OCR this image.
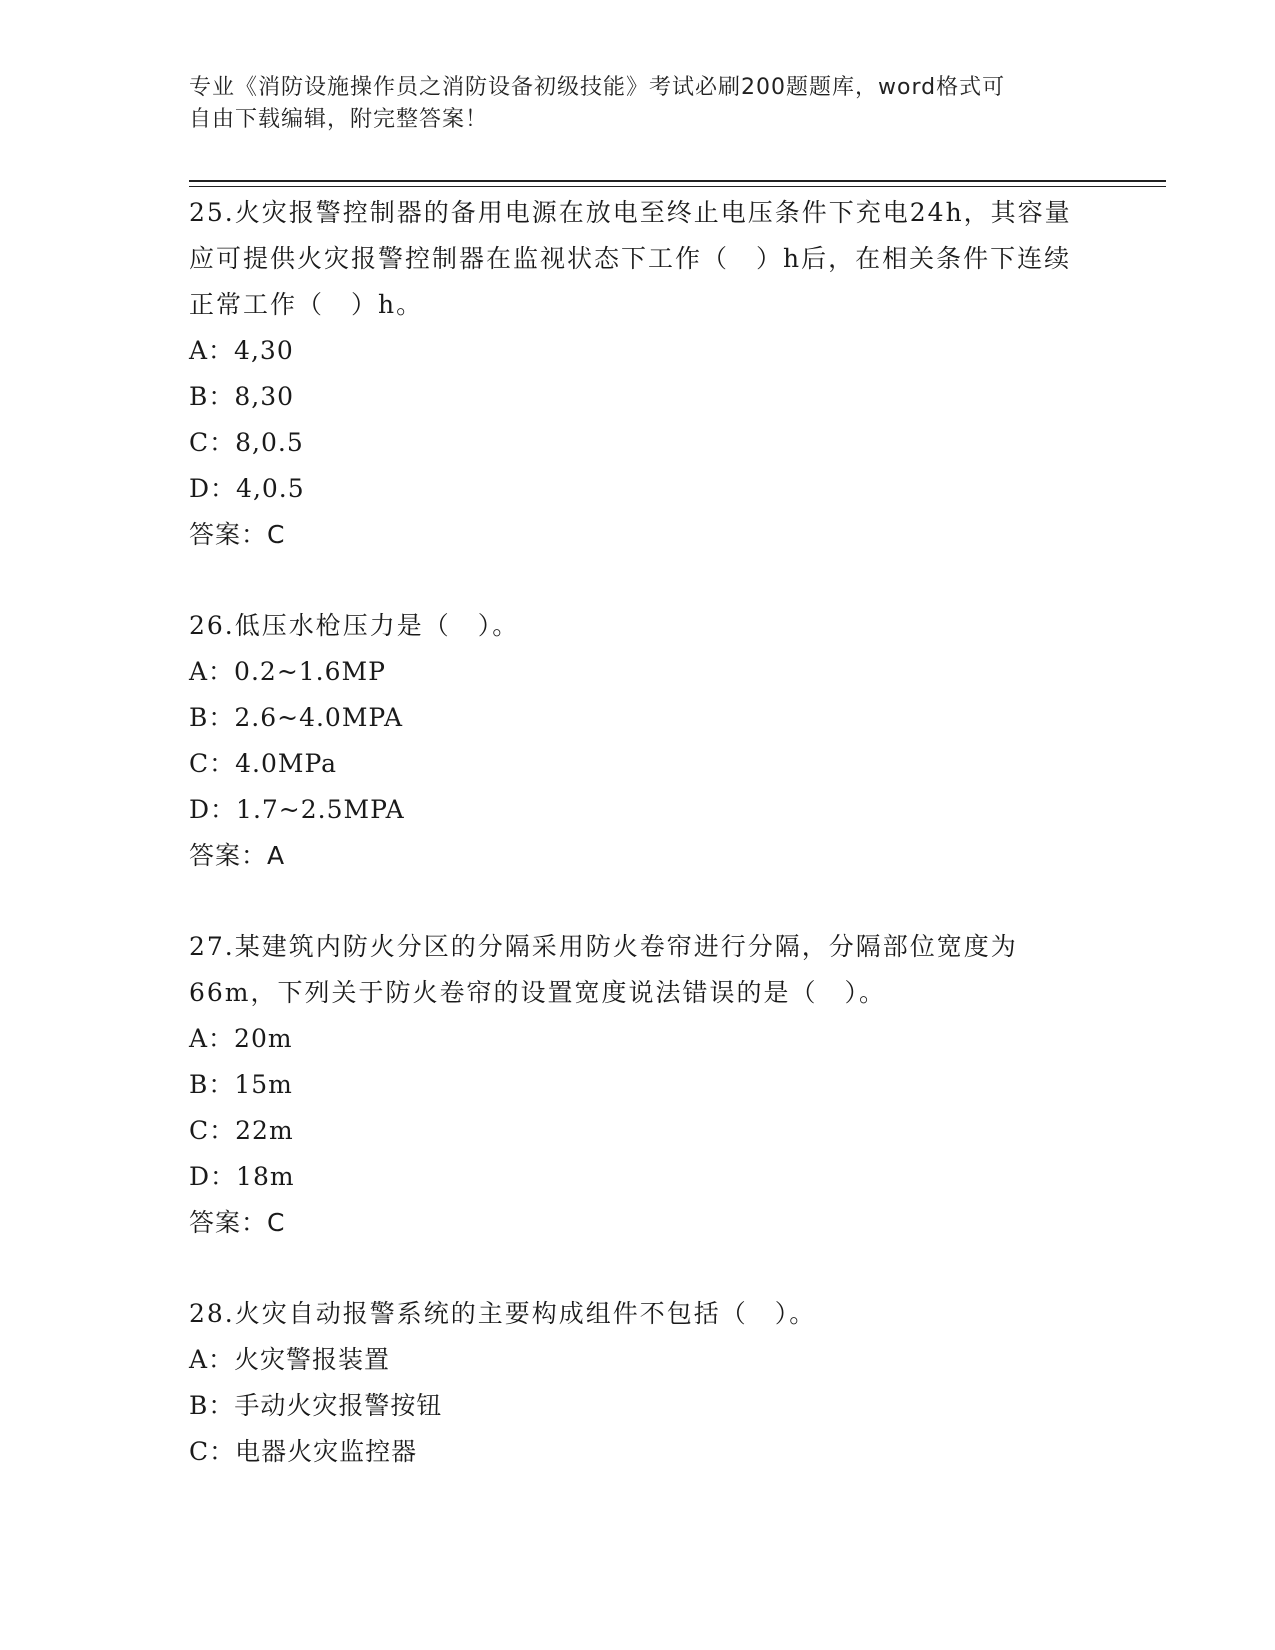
专业《消防设施操作员之消防设备初级技能》考试必刷200题题库，word格式可
自由下载编辑，附完整答案！
25.火灾报警控制器的备用电源在放电至终止电压条件下充电24h，其容量应可提供火灾报警控制器在监视状态下工作（　）h后，在相关条件下连续正常工作（　）h。
A：4,30
B：8,30
C：8,0.5
D：4,0.5
答案：C
26.低压水枪压力是（　）。
A：0.2~1.6MP
B：2.6~4.0MPA
C：4.0MPa
D：1.7~2.5MPA
答案：A
27.某建筑内防火分区的分隔采用防火卷帘进行分隔，分隔部位宽度为66m，下列关于防火卷帘的设置宽度说法错误的是（　）。
A：20m
B：15m
C：22m
D：18m
答案：C
28.火灾自动报警系统的主要构成组件不包括（　）。
A：火灾警报装置
B：手动火灾报警按钮
C：电器火灾监控器
